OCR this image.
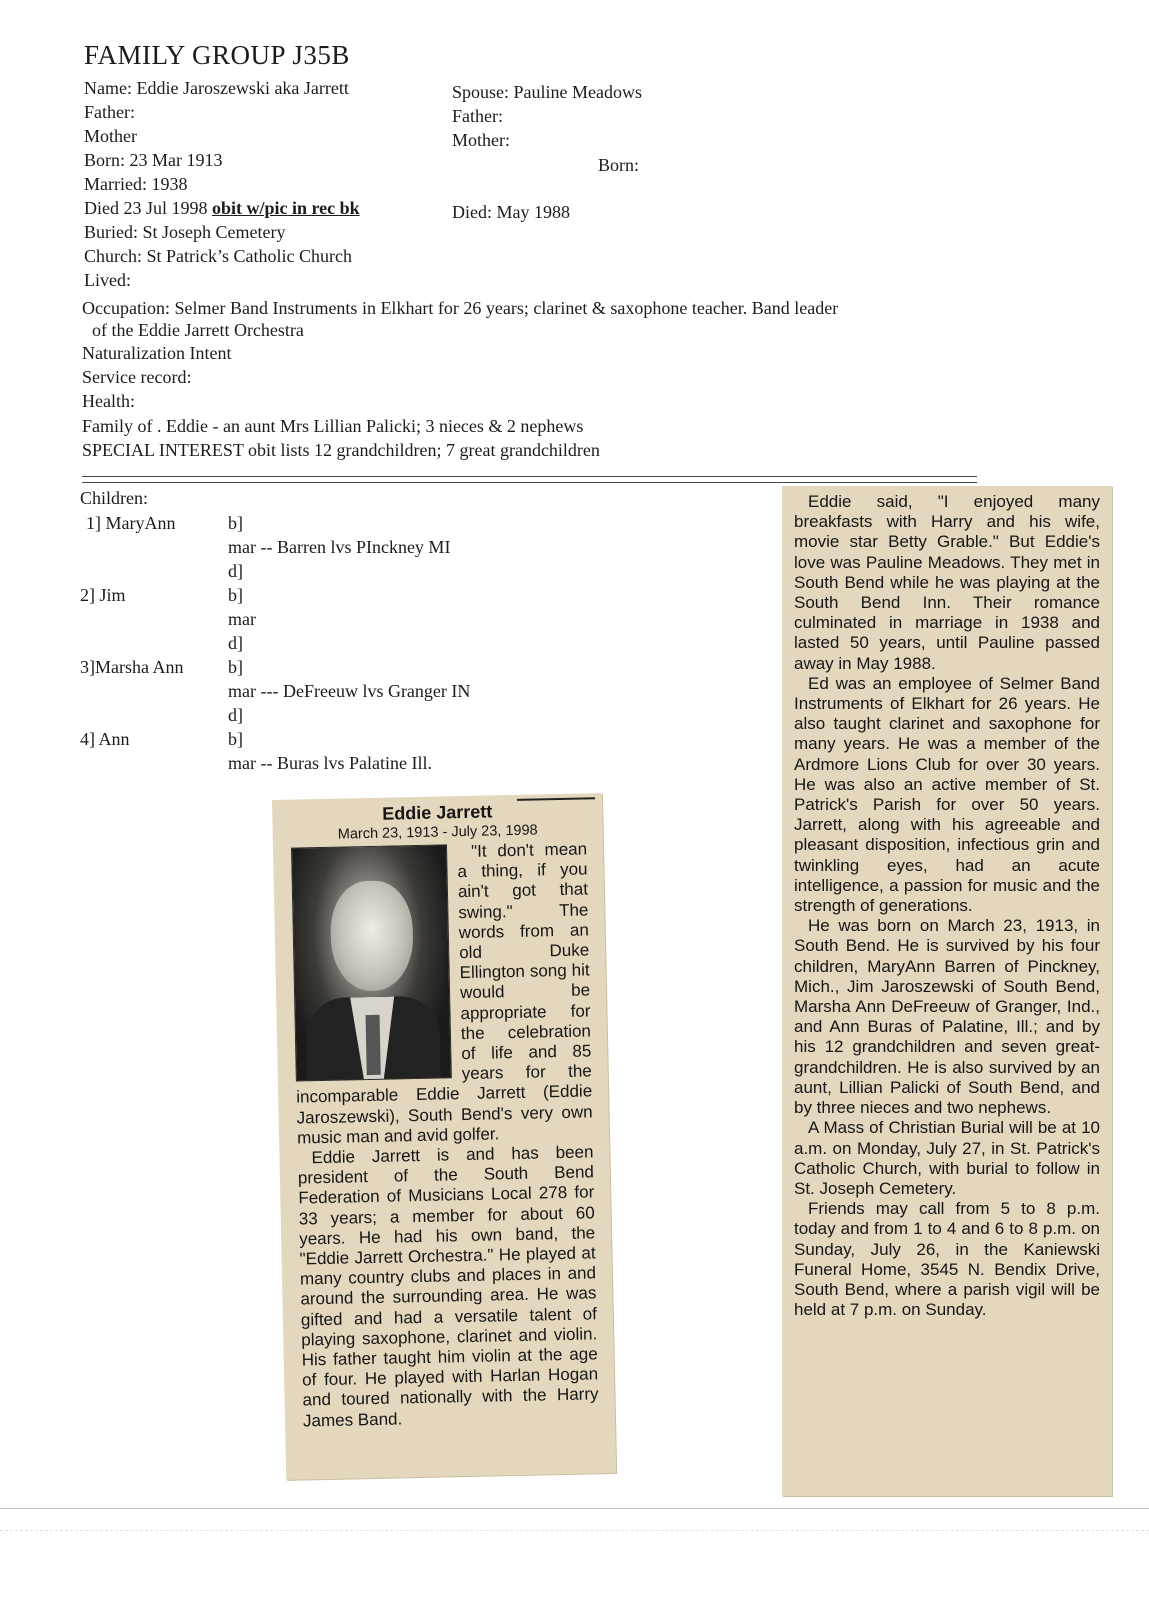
FAMILY GROUP J35B
Name: Eddie Jaroszewski aka Jarrett
Father:
Mother
Born: 23 Mar 1913
Married: 1938
Died 23 Jul 1998 obit w/pic in rec bk
Buried: St Joseph Cemetery
Church: St Patrick’s Catholic Church
Lived:
Occupation: Selmer Band Instruments in Elkhart for 26 years; clarinet & saxophone teacher. Band leader
of the Eddie Jarrett Orchestra
Naturalization Intent
Service record:
Health:
Family of . Eddie - an aunt Mrs Lillian Palicki; 3 nieces & 2 nephews
SPECIAL INTEREST obit lists 12 grandchildren; 7 great grandchildren
Spouse: Pauline Meadows
Father:
Mother:
Born:
Died: May 1988
Children:
1] MaryAnn	b]
mar -- Barren lvs PInckney MI
d]
2] Jim	b]
mar
d]
3]Marsha Ann b]
mar --- DeFreeuw lvs Granger IN
d]
4] Ann	b]
mar -- Buras lvs Palatine Ill.
Eddie Jarrett
March 23, 1913 - July 23, 1998

"It don't mean a thing, if you ain't got that swing." The words from an old Duke Ellington song hit would be appropriate for the celebration of life and 85 years for the incomparable Eddie Jarrett (Eddie Jaroszewski), South Bend's very own music man and avid golfer.

Eddie Jarrett is and has been president of the South Bend Federation of Musicians Local 278 for 33 years; a member for about 60 years. He had his own band, the "Eddie Jarrett Orchestra." He played at many country clubs and places in and around the surrounding area. He was gifted and had a versatile talent of playing saxophone, clarinet and violin. His father taught him violin at the age of four. He played with Harlan Hogan and toured nationally with the Harry James Band.

Eddie said, "I enjoyed many breakfasts with Harry and his wife, movie star Betty Grable." But Eddie's love was Pauline Meadows. They met in South Bend while he was playing at the South Bend Inn. Their romance culminated in marriage in 1938 and lasted 50 years, until Pauline passed away in May 1988.

Ed was an employee of Selmer Band Instruments of Elkhart for 26 years. He also taught clarinet and saxophone for many years. He was a member of the Ardmore Lions Club for over 30 years. He was also an active member of St. Patrick's Parish for over 50 years. Jarrett, along with his agreeable and pleasant disposition, infectious grin and twinkling eyes, had an acute intelligence, a passion for music and the strength of generations.

He was born on March 23, 1913, in South Bend. He is survived by his four children, MaryAnn Barren of Pinckney, Mich., Jim Jaroszewski of South Bend, Marsha Ann DeFreeuw of Granger, Ind., and Ann Buras of Palatine, Ill.; and by his 12 grandchildren and seven great-grandchildren. He is also survived by an aunt, Lillian Palicki of South Bend, and by three nieces and two nephews.

A Mass of Christian Burial will be at 10 a.m. on Monday, July 27, in St. Patrick's Catholic Church, with burial to follow in St. Joseph Cemetery.

Friends may call from 5 to 8 p.m. today and from 1 to 4 and 6 to 8 p.m. on Sunday, July 26, in the Kaniewski Funeral Home, 3545 N. Bendix Drive, South Bend, where a parish vigil will be held at 7 p.m. on Sunday.
